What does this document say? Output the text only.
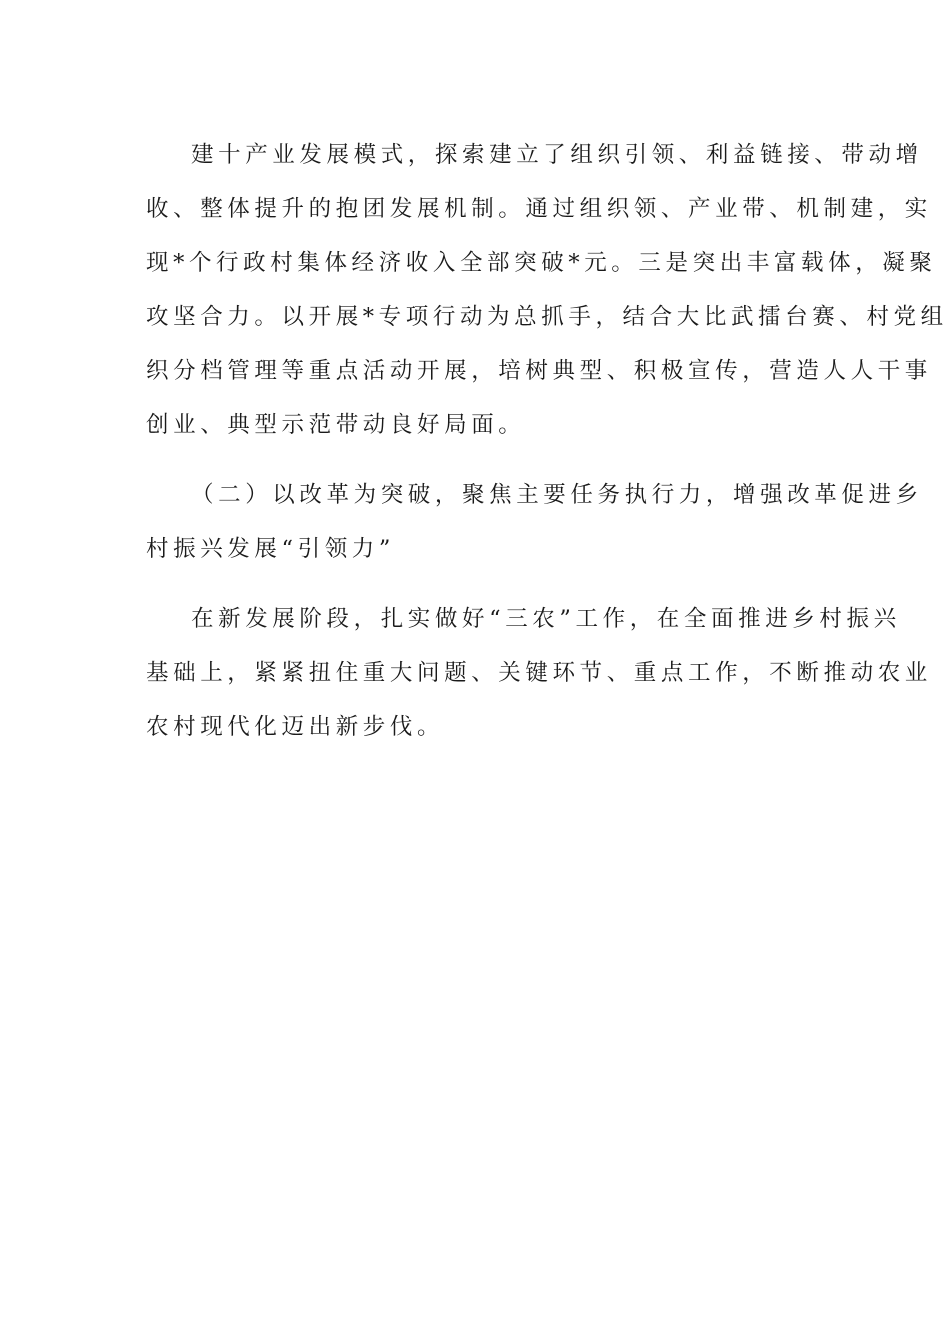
建十产业发展模式，探索建立了组织引领、利益链接、带动增
收、整体提升的抱团发展机制。通过组织领、产业带、机制建，实
现*个行政村集体经济收入全部突破*元。三是突出丰富载体，凝聚
攻坚合力。以开展*专项行动为总抓手，结合大比武擂台赛、村党组
织分档管理等重点活动开展，培树典型、积极宣传，营造人人干事
创业、典型示范带动良好局面。
（二）以改革为突破，聚焦主要任务执行力，增强改革促进乡
村振兴发展“引领力”
在新发展阶段，扎实做好“三农”工作，在全面推进乡村振兴
基础上，紧紧扭住重大问题、关键环节、重点工作，不断推动农业
农村现代化迈出新步伐。
